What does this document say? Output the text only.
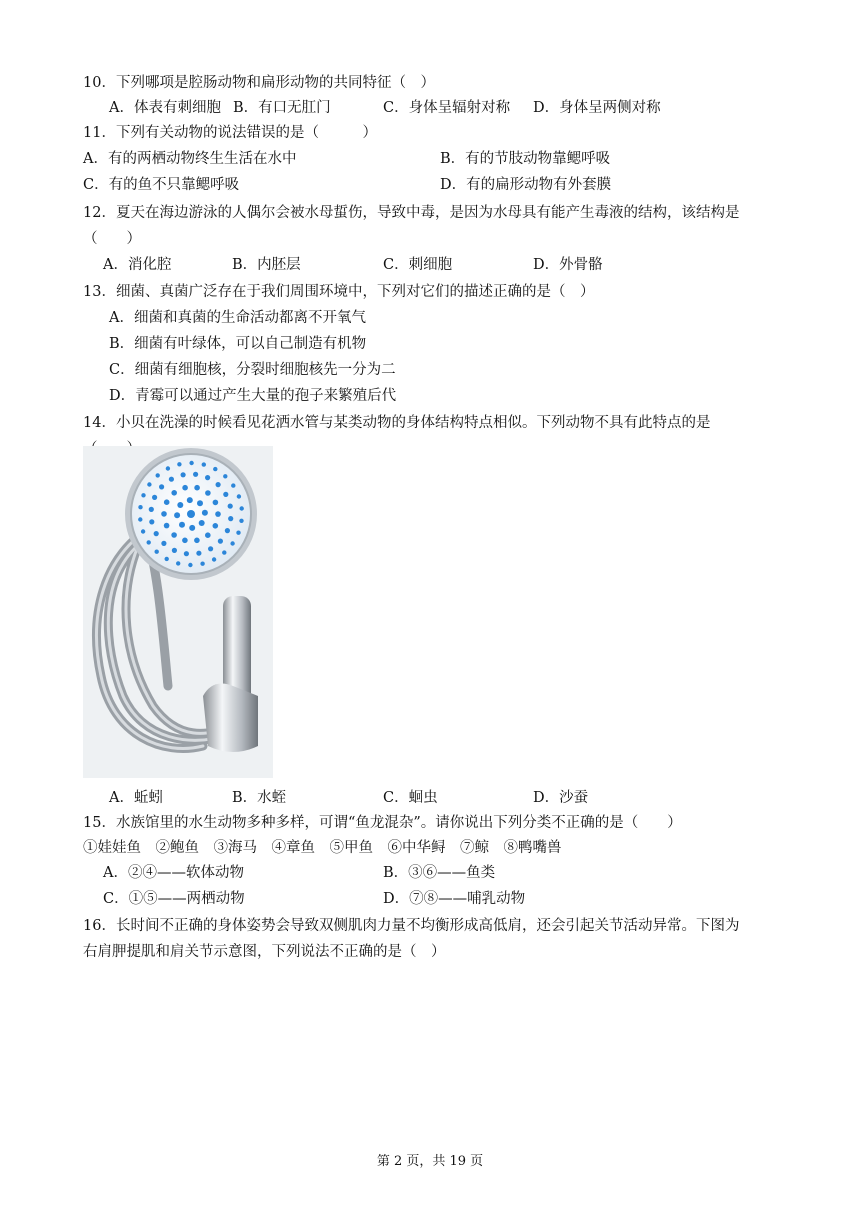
10．下列哪项是腔肠动物和扁形动物的共同特征（　）
A．体表有刺细胞 B．有口无肛门	C．身体呈辐射对称 D．身体呈两侧对称
11．下列有关动物的说法错误的是（　　　）
A．有的两栖动物终生生活在水中	B．有的节肢动物靠鳃呼吸
C．有的鱼不只靠鳃呼吸	D．有的扁形动物有外套膜
12．夏天在海边游泳的人偶尔会被水母蜇伤，导致中毒，是因为水母具有能产生毒液的结构，该结构是
（　　）
A．消化腔	B．内胚层	C．刺细胞	D．外骨骼
13．细菌、真菌广泛存在于我们周围环境中，下列对它们的描述正确的是（　）
A．细菌和真菌的生命活动都离不开氧气
B．细菌有叶绿体，可以自己制造有机物
C．细菌有细胞核，分裂时细胞核先一分为二
D．青霉可以通过产生大量的孢子来繁殖后代
14．小贝在洗澡的时候看见花洒水管与某类动物的身体结构特点相似。下列动物不具有此特点的是
A．蚯蚓	B．水蛭	C．蛔虫	D．沙蚕
15．水族馆里的水生动物多种多样，可谓“鱼龙混杂”。请你说出下列分类不正确的是（　　）
①娃娃鱼　②鲍鱼　③海马　④章鱼　⑤甲鱼　⑥中华鲟　⑦鲸　⑧鸭嘴兽
A．②④——软体动物	B．③⑥——鱼类
C．①⑤——两栖动物	D．⑦⑧——哺乳动物
16．长时间不正确的身体姿势会导致双侧肌肉力量不均衡形成高低肩，还会引起关节活动异常。下图为
右肩胛提肌和肩关节示意图，下列说法不正确的是（　）
第 2 页，共 19 页
